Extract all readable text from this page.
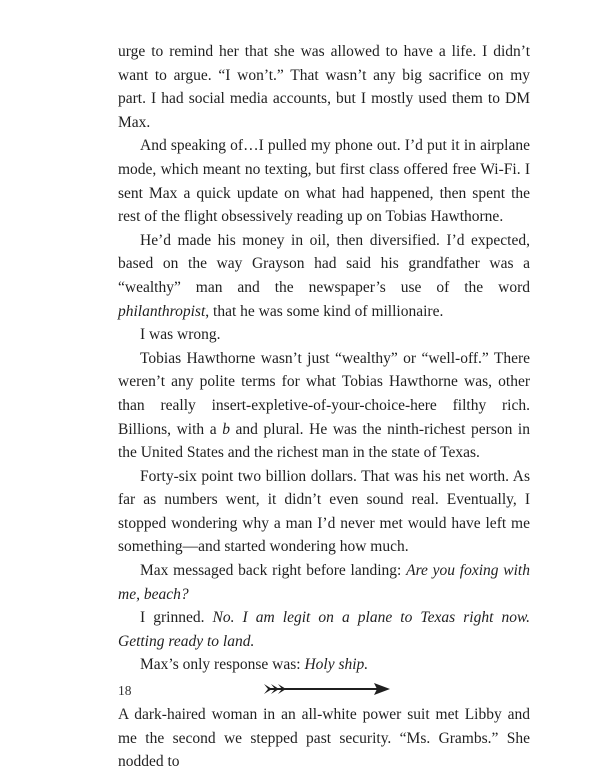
urge to remind her that she was allowed to have a life. I didn’t want to argue. “I won’t.” That wasn’t any big sacrifice on my part. I had social media accounts, but I mostly used them to DM Max.

And speaking of…I pulled my phone out. I’d put it in airplane mode, which meant no texting, but first class offered free Wi-Fi. I sent Max a quick update on what had happened, then spent the rest of the flight obsessively reading up on Tobias Hawthorne.

He’d made his money in oil, then diversified. I’d expected, based on the way Grayson had said his grandfather was a “wealthy” man and the newspaper’s use of the word philanthropist, that he was some kind of millionaire.

I was wrong.

Tobias Hawthorne wasn’t just “wealthy” or “well-off.” There weren’t any polite terms for what Tobias Hawthorne was, other than really insert-expletive-of-your-choice-here filthy rich. Billions, with a b and plural. He was the ninth-richest person in the United States and the richest man in the state of Texas.

Forty-six point two billion dollars. That was his net worth. As far as numbers went, it didn’t even sound real. Eventually, I stopped wondering why a man I’d never met would have left me something—and started wondering how much.

Max messaged back right before landing: Are you foxing with me, beach?

I grinned. No. I am legit on a plane to Texas right now. Getting ready to land.

Max’s only response was: Holy ship.

A dark-haired woman in an all-white power suit met Libby and me the second we stepped past security. “Ms. Grambs.” She nodded to

18
